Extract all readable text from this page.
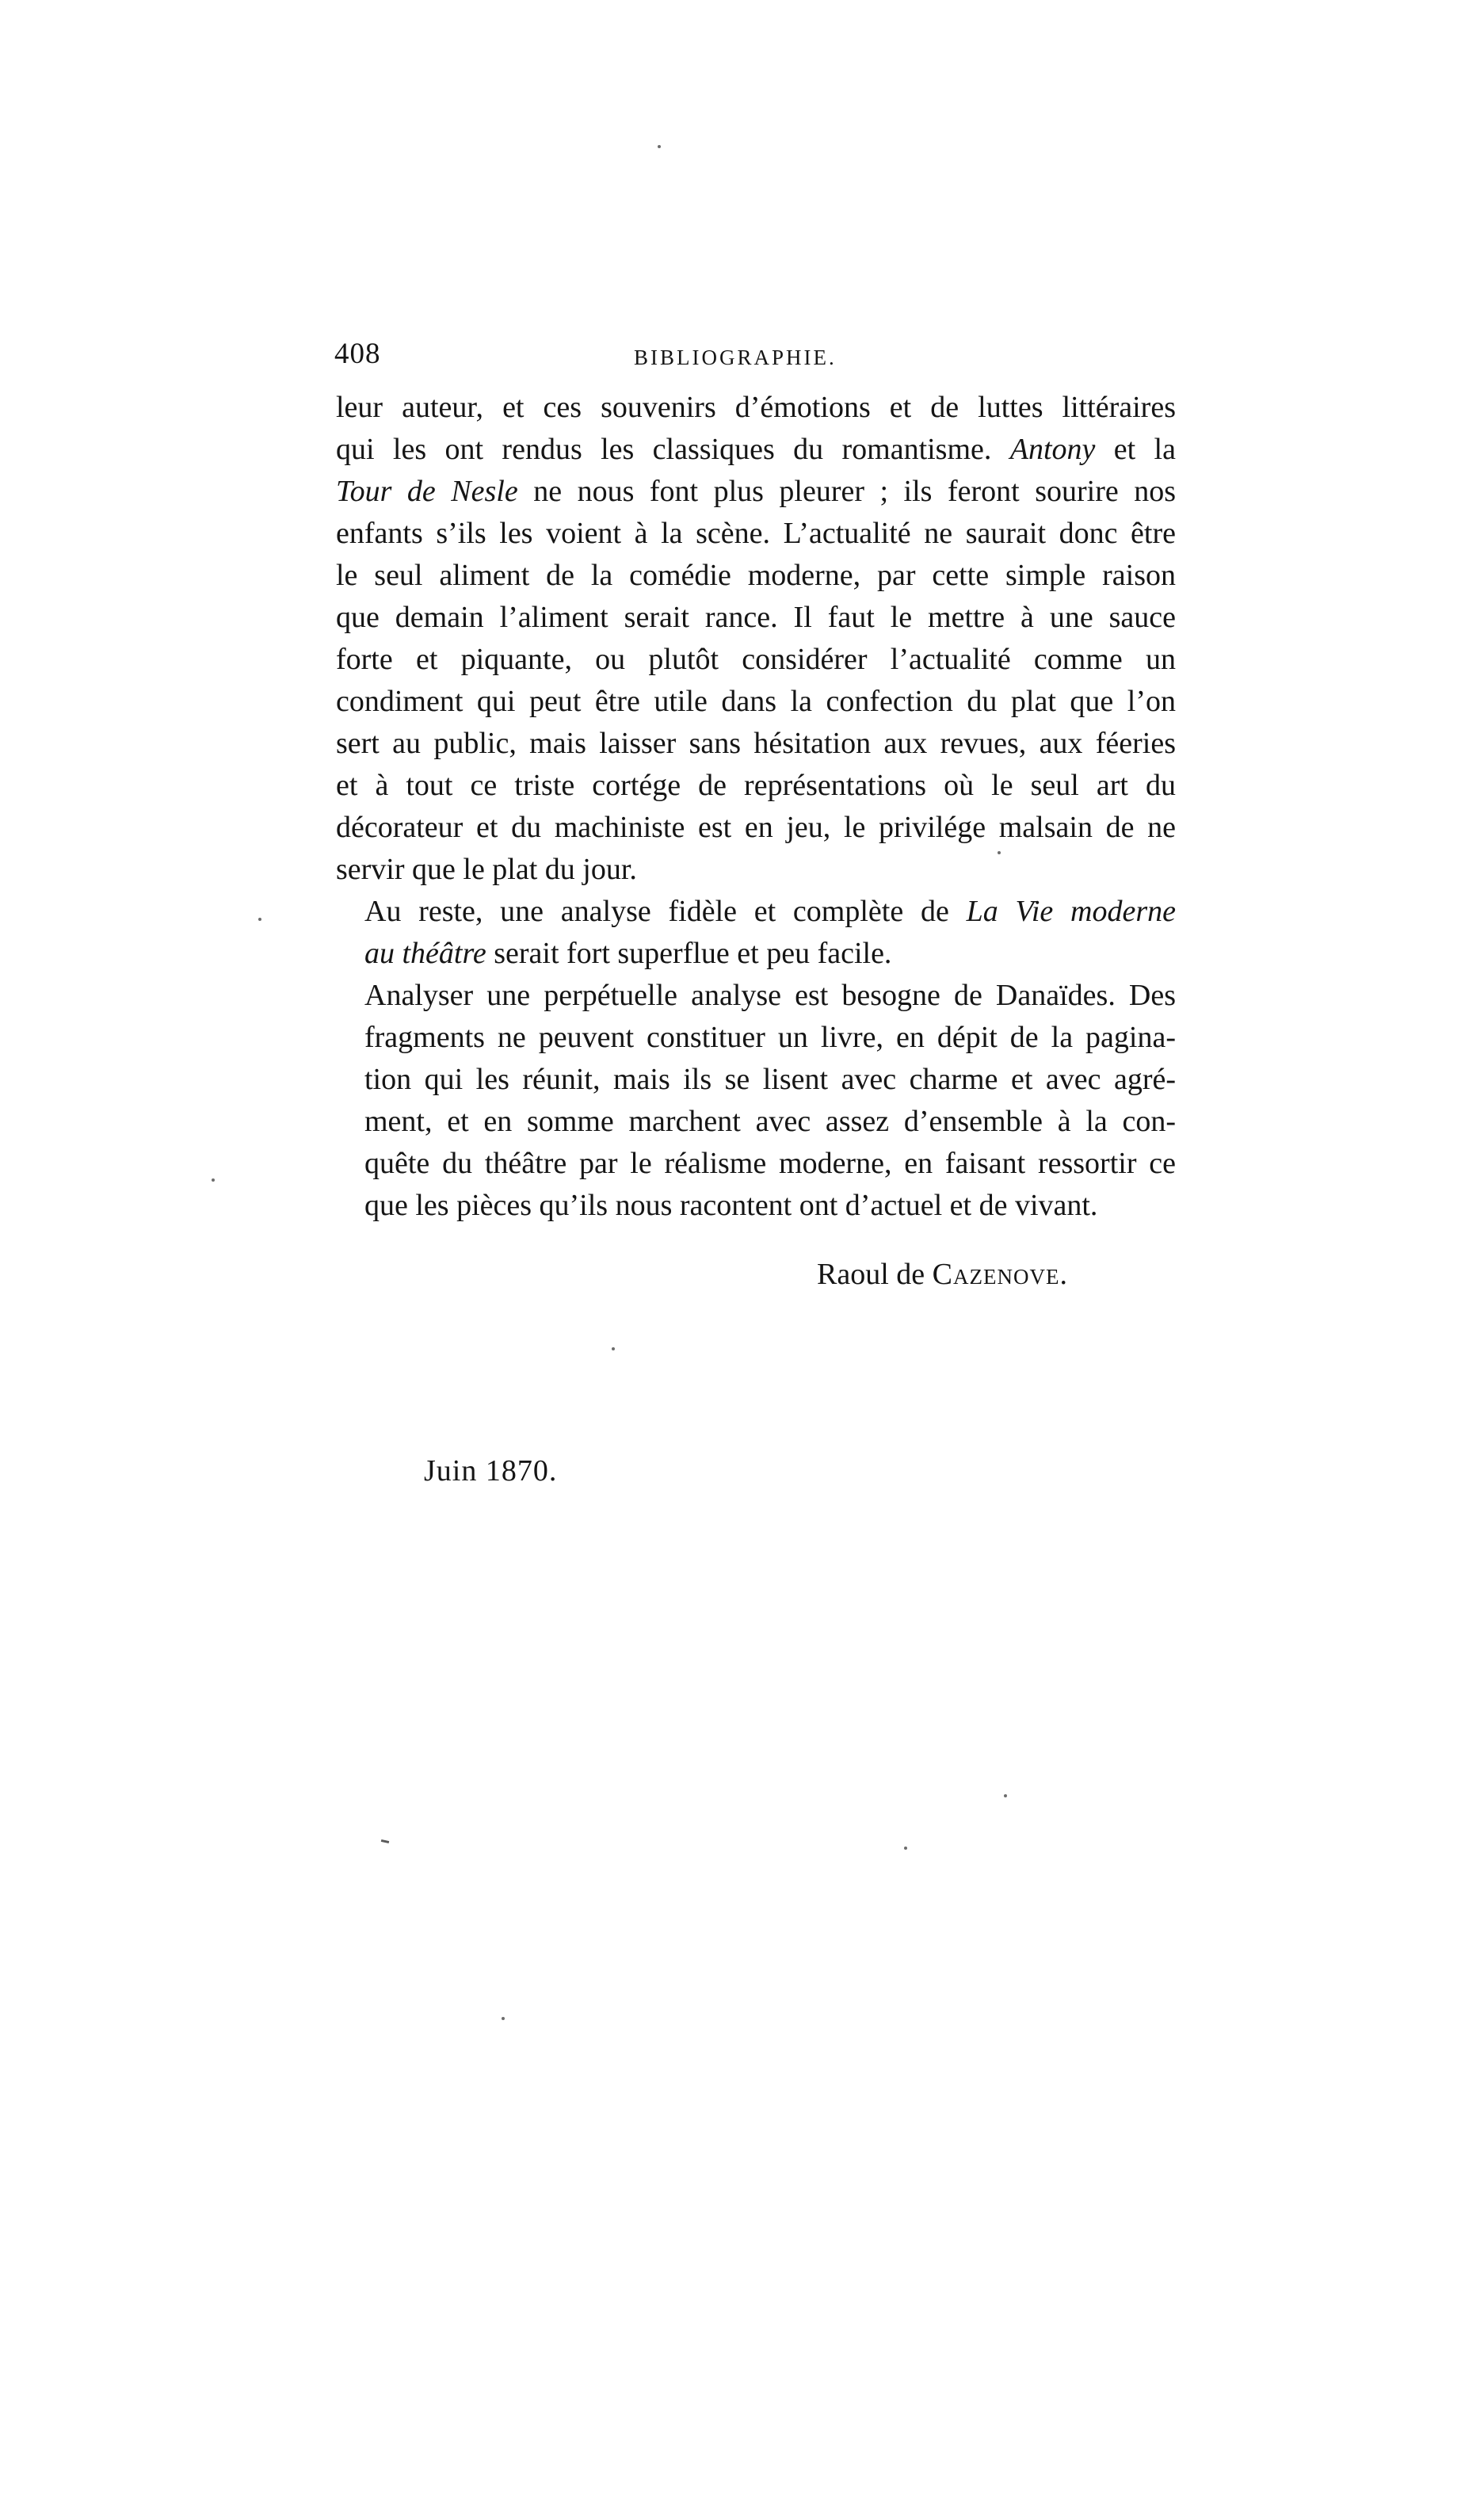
408	BIBLIOGRAPHIE.

leur auteur, et ces souvenirs d’émotions et de luttes littéraires
qui les ont rendus les classiques du romantisme. Antony et la
Tour de Nesle ne nous font plus pleurer ; ils feront sourire nos
enfants s’ils les voient à la scène. L’actualité ne saurait donc être
le seul aliment de la comédie moderne, par cette simple raison
que demain l’aliment serait rance. Il faut le mettre à une sauce
forte et piquante, ou plutôt considérer l’actualité comme un
condiment qui peut être utile dans la confection du plat que l’on
sert au public, mais laisser sans hésitation aux revues, aux féeries
et à tout ce triste cortége de représentations où le seul art du
décorateur et du machiniste est en jeu, le privilége malsain de ne
servir que le plat du jour.

Au reste, une analyse fidèle et complète de La Vie moderne
au théâtre serait fort superflue et peu facile.

Analyser une perpétuelle analyse est besogne de Danaïdes. Des
fragments ne peuvent constituer un livre, en dépit de la pagina-
tion qui les réunit, mais ils se lisent avec charme et avec agré-
ment, et en somme marchent avec assez d’ensemble à la con-
quête du théâtre par le réalisme moderne, en faisant ressortir ce
que les pièces qu’ils nous racontent ont d’actuel et de vivant.

Raoul de Cazenove.
Juin 1870.
